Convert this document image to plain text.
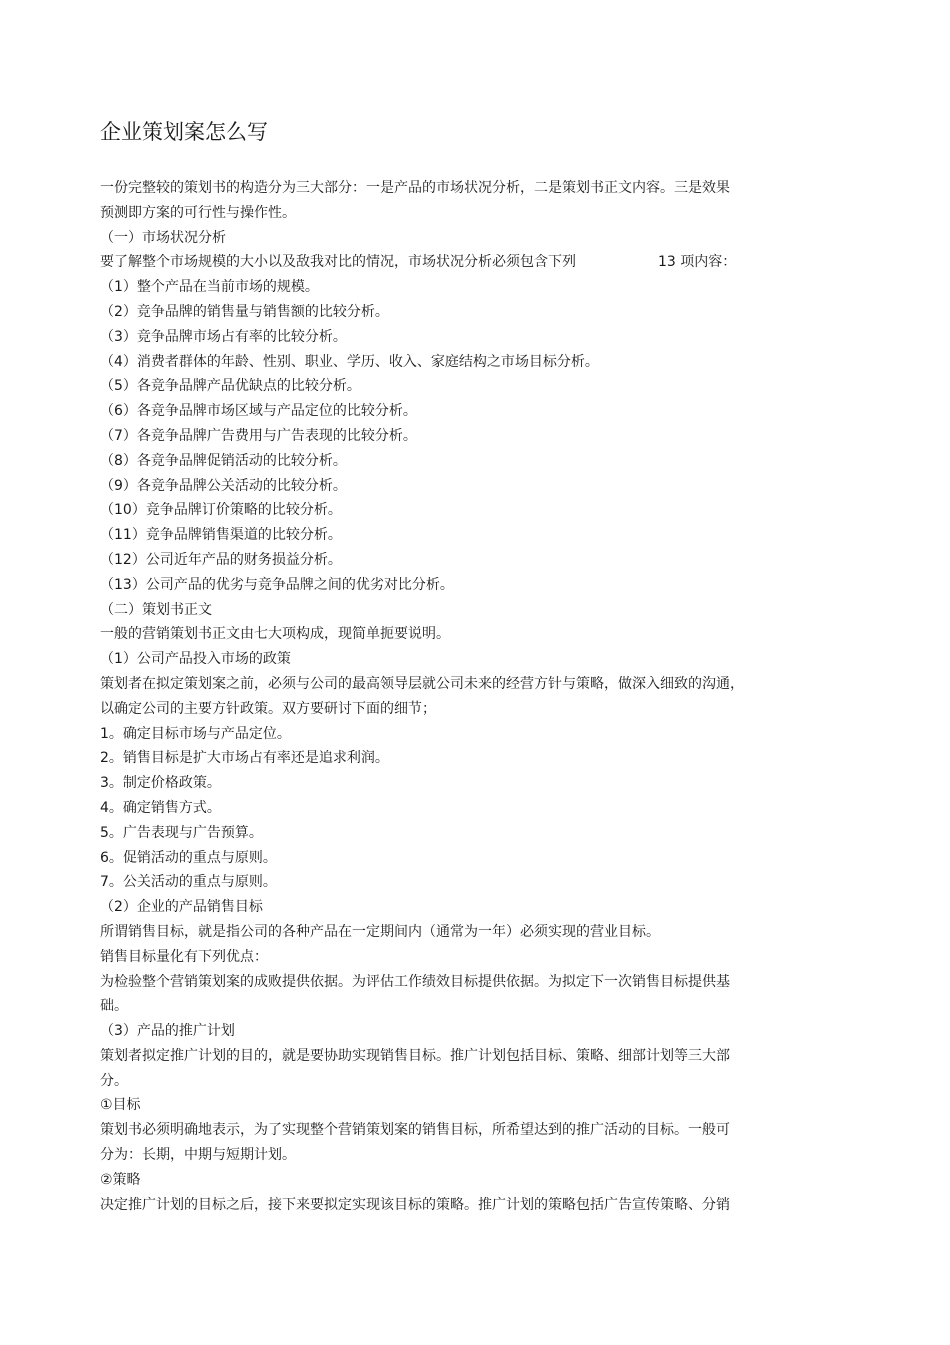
企业策划案怎么写
一份完整较的策划书的构造分为三大部分：一是产品的市场状况分析，二是策划书正文内容。三是效果
预测即方案的可行性与操作性。
（一）市场状况分析
要了解整个市场规模的大小以及敌我对比的情况，市场状况分析必须包含下列	13 项内容：
（1）整个产品在当前市场的规模。
（2）竞争品牌的销售量与销售额的比较分析。
（3）竞争品牌市场占有率的比较分析。
（4）消费者群体的年龄、性别、职业、学历、收入、家庭结构之市场目标分析。
（5）各竞争品牌产品优缺点的比较分析。
（6）各竞争品牌市场区域与产品定位的比较分析。
（7）各竞争品牌广告费用与广告表现的比较分析。
（8）各竞争品牌促销活动的比较分析。
（9）各竞争品牌公关活动的比较分析。
（10）竞争品牌订价策略的比较分析。
（11）竞争品牌销售渠道的比较分析。
（12）公司近年产品的财务损益分析。
（13）公司产品的优劣与竞争品牌之间的优劣对比分析。
（二）策划书正文
一般的营销策划书正文由七大项构成，现简单扼要说明。
（1）公司产品投入市场的政策
策划者在拟定策划案之前，必须与公司的最高领导层就公司未来的经营方针与策略，做深入细致的沟通，
以确定公司的主要方针政策。双方要研讨下面的细节；
1。确定目标市场与产品定位。
2。销售目标是扩大市场占有率还是追求利润。
3。制定价格政策。
4。确定销售方式。
5。广告表现与广告预算。
6。促销活动的重点与原则。
7。公关活动的重点与原则。
（2）企业的产品销售目标
所谓销售目标，就是指公司的各种产品在一定期间内（通常为一年）必须实现的营业目标。
销售目标量化有下列优点：
为检验整个营销策划案的成败提供依据。为评估工作绩效目标提供依据。为拟定下一次销售目标提供基
础。
（3）产品的推广计划
策划者拟定推广计划的目的，就是要协助实现销售目标。推广计划包括目标、策略、细部计划等三大部
分。
①目标
策划书必须明确地表示，为了实现整个营销策划案的销售目标，所希望达到的推广活动的目标。一般可
分为：长期，中期与短期计划。
②策略
决定推广计划的目标之后，接下来要拟定实现该目标的策略。推广计划的策略包括广告宣传策略、分销
